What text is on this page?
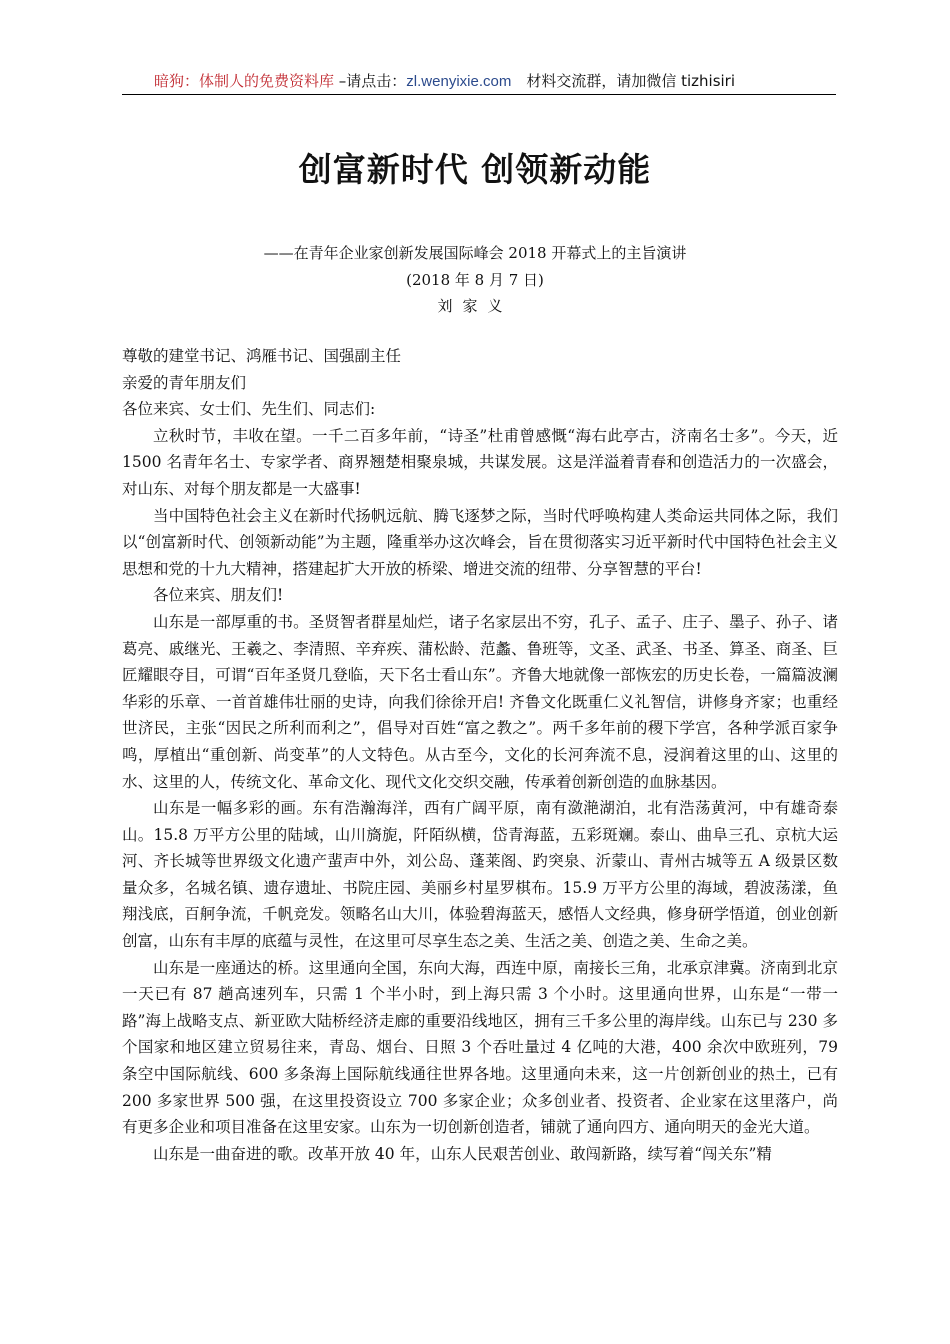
暗狗：体制人的免费资料库 –请点击：zl.wenyixie.com　材料交流群，请加微信 tizhisiri
创富新时代 创领新动能
——在青年企业家创新发展国际峰会 2018 开幕式上的主旨演讲
(2018 年 8 月 7 日)
刘家义

尊敬的建堂书记、鸿雁书记、国强副主任

亲爱的青年朋友们

各位来宾、女士们、先生们、同志们:

立秋时节，丰收在望。一千二百多年前，“诗圣”杜甫曾感慨“海右此亭古，济南名士多”。今天，近 1500 名青年名士、专家学者、商界翘楚相聚泉城，共谋发展。这是洋溢着青春和创造活力的一次盛会，对山东、对每个朋友都是一大盛事!

当中国特色社会主义在新时代扬帆远航、腾飞逐梦之际，当时代呼唤构建人类命运共同体之际，我们以“创富新时代、创领新动能”为主题，隆重举办这次峰会，旨在贯彻落实习近平新时代中国特色社会主义思想和党的十九大精神，搭建起扩大开放的桥梁、增进交流的纽带、分享智慧的平台!

各位来宾、朋友们!

山东是一部厚重的书。圣贤智者群星灿烂，诸子名家层出不穷，孔子、孟子、庄子、墨子、孙子、诸葛亮、戚继光、王羲之、李清照、辛弃疾、蒲松龄、范蠡、鲁班等，文圣、武圣、书圣、算圣、商圣、巨匠耀眼夺目，可谓“百年圣贤几登临，天下名士看山东”。齐鲁大地就像一部恢宏的历史长卷，一篇篇波澜华彩的乐章、一首首雄伟壮丽的史诗，向我们徐徐开启! 齐鲁文化既重仁义礼智信，讲修身齐家；也重经世济民，主张“因民之所利而利之”，倡导对百姓“富之教之”。两千多年前的稷下学宫，各种学派百家争鸣，厚植出“重创新、尚变革”的人文特色。从古至今，文化的长河奔流不息，浸润着这里的山、这里的水、这里的人，传统文化、革命文化、现代文化交织交融，传承着创新创造的血脉基因。

山东是一幅多彩的画。东有浩瀚海洋，西有广阔平原，南有潋滟湖泊，北有浩荡黄河，中有雄奇泰山。15.8 万平方公里的陆域，山川旖旎，阡陌纵横，岱青海蓝，五彩斑斓。泰山、曲阜三孔、京杭大运河、齐长城等世界级文化遗产蜚声中外，刘公岛、蓬莱阁、趵突泉、沂蒙山、青州古城等五 A 级景区数量众多，名城名镇、遗存遗址、书院庄园、美丽乡村星罗棋布。15.9 万平方公里的海域，碧波荡漾，鱼翔浅底，百舸争流，千帆竞发。领略名山大川，体验碧海蓝天，感悟人文经典，修身研学悟道，创业创新创富，山东有丰厚的底蕴与灵性，在这里可尽享生态之美、生活之美、创造之美、生命之美。

山东是一座通达的桥。这里通向全国，东向大海，西连中原，南接长三角，北承京津冀。济南到北京一天已有 87 趟高速列车，只需 1 个半小时，到上海只需 3 个小时。这里通向世界，山东是“一带一路”海上战略支点、新亚欧大陆桥经济走廊的重要沿线地区，拥有三千多公里的海岸线。山东已与 230 多个国家和地区建立贸易往来，青岛、烟台、日照 3 个吞吐量过 4 亿吨的大港，400 余次中欧班列，79 条空中国际航线、600 多条海上国际航线通往世界各地。这里通向未来，这一片创新创业的热土，已有 200 多家世界 500 强，在这里投资设立 700 多家企业；众多创业者、投资者、企业家在这里落户，尚有更多企业和项目准备在这里安家。山东为一切创新创造者，铺就了通向四方、通向明天的金光大道。

山东是一曲奋进的歌。改革开放 40 年，山东人民艰苦创业、敢闯新路，续写着“闯关东”精
